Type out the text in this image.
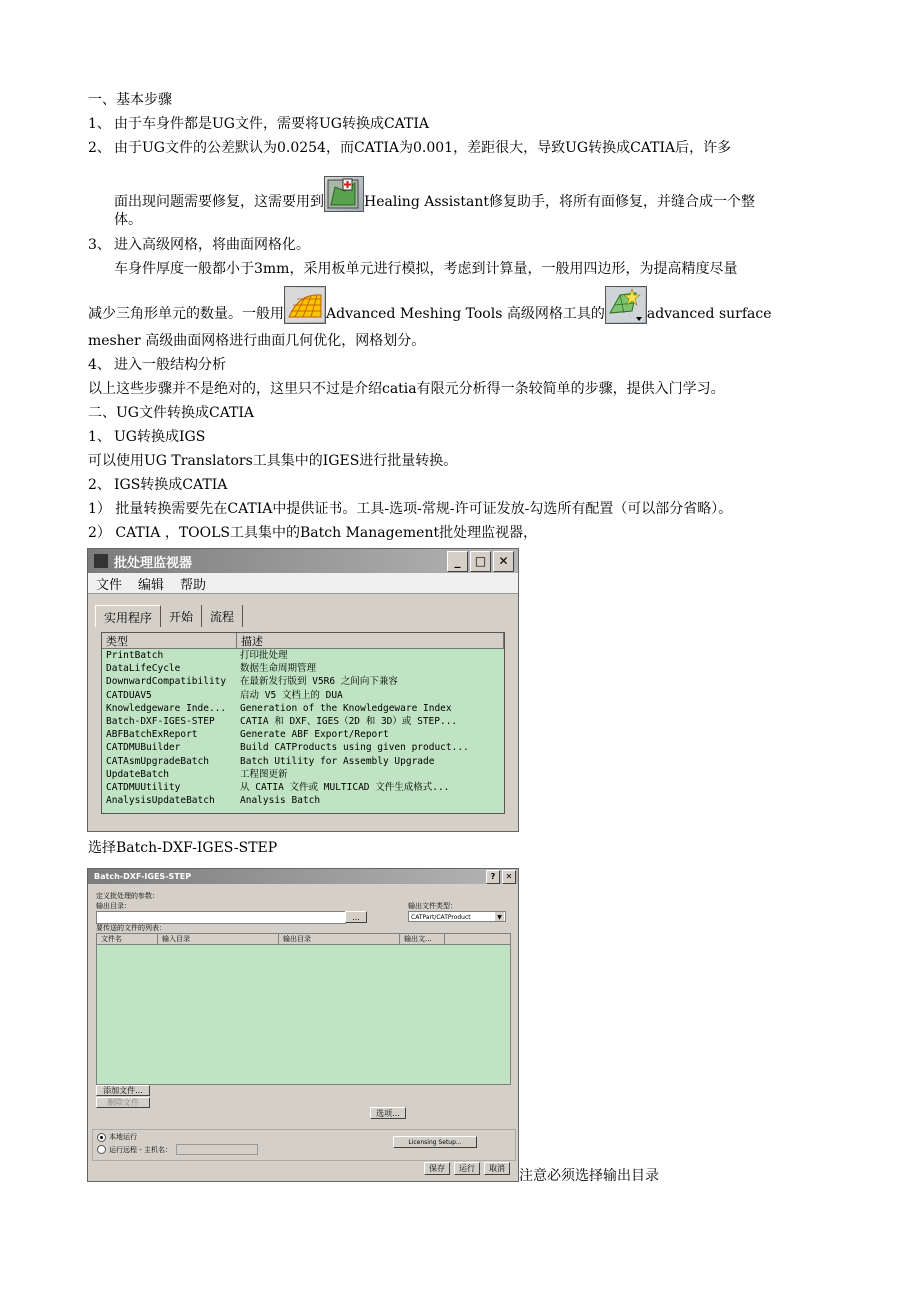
一、基本步骤
1、 由于车身件都是UG文件，需要将UG转换成CATIA
2、 由于UG文件的公差默认为0.0254，而CATIA为0.001，差距很大，导致UG转换成CATIA后，许多
面出现问题需要修复，这需要用到	Healing Assistant修复助手，将所有面修复，并缝合成一个整
体。
3、 进入高级网格，将曲面网格化。
车身件厚度一般都小于3mm，采用板单元进行模拟，考虑到计算量，一般用四边形，为提高精度尽量
减少三角形单元的数量。一般用	Advanced Meshing Tools 高级网格工具的	advanced surface
mesher 高级曲面网格进行曲面几何优化，网格划分。
4、 进入一般结构分析
以上这些步骤并不是绝对的，这里只不过是介绍catia有限元分析得一条较简单的步骤，提供入门学习。
二、UG文件转换成CATIA
1、 UG转换成IGS
可以使用UG Translators工具集中的IGES进行批量转换。
2、 IGS转换成CATIA
1） 批量转换需要先在CATIA中提供证书。工具-选项-常规-许可证发放-勾选所有配置（可以部分省略）。
2） CATIA ，TOOLS工具集中的Batch Management批处理监视器，
批处理监视器	_	□	✕
文件 编辑 帮助
实用程序	开始	流程
类型	描述
PrintBatch	打印批处理
DataLifeCycle	数据生命周期管理
DownwardCompatibility	在最新发行版到 V5R6 之间向下兼容
CATDUAV5	启动 V5 文档上的 DUA
Knowledgeware Inde...	Generation of the Knowledgeware Index
Batch-DXF-IGES-STEP	CATIA 和 DXF、IGES（2D 和 3D）或 STEP...
ABFBatchExReport	Generate ABF Export/Report
CATDMUBuilder	Build CATProducts using given product...
CATAsmUpgradeBatch	Batch Utility for Assembly Upgrade
UpdateBatch	工程图更新
CATDMUUtility	从 CATIA 文件或 MULTICAD 文件生成格式...
AnalysisUpdateBatch	Analysis Batch
选择Batch-DXF-IGES-STEP
Batch-DXF-IGES-STEP	?	✕
定义批处理的参数：
输出目录：
...
输出文件类型：
CATPart/CATProduct	▼
要传送的文件的列表：
文件名	输入目录	输出目录	输出文...
添加文件...
删除文件
选项...
本地运行
运行远程 - 主机名：
Licensing Setup...
保存	运行	取消	注意必须选择输出目录
